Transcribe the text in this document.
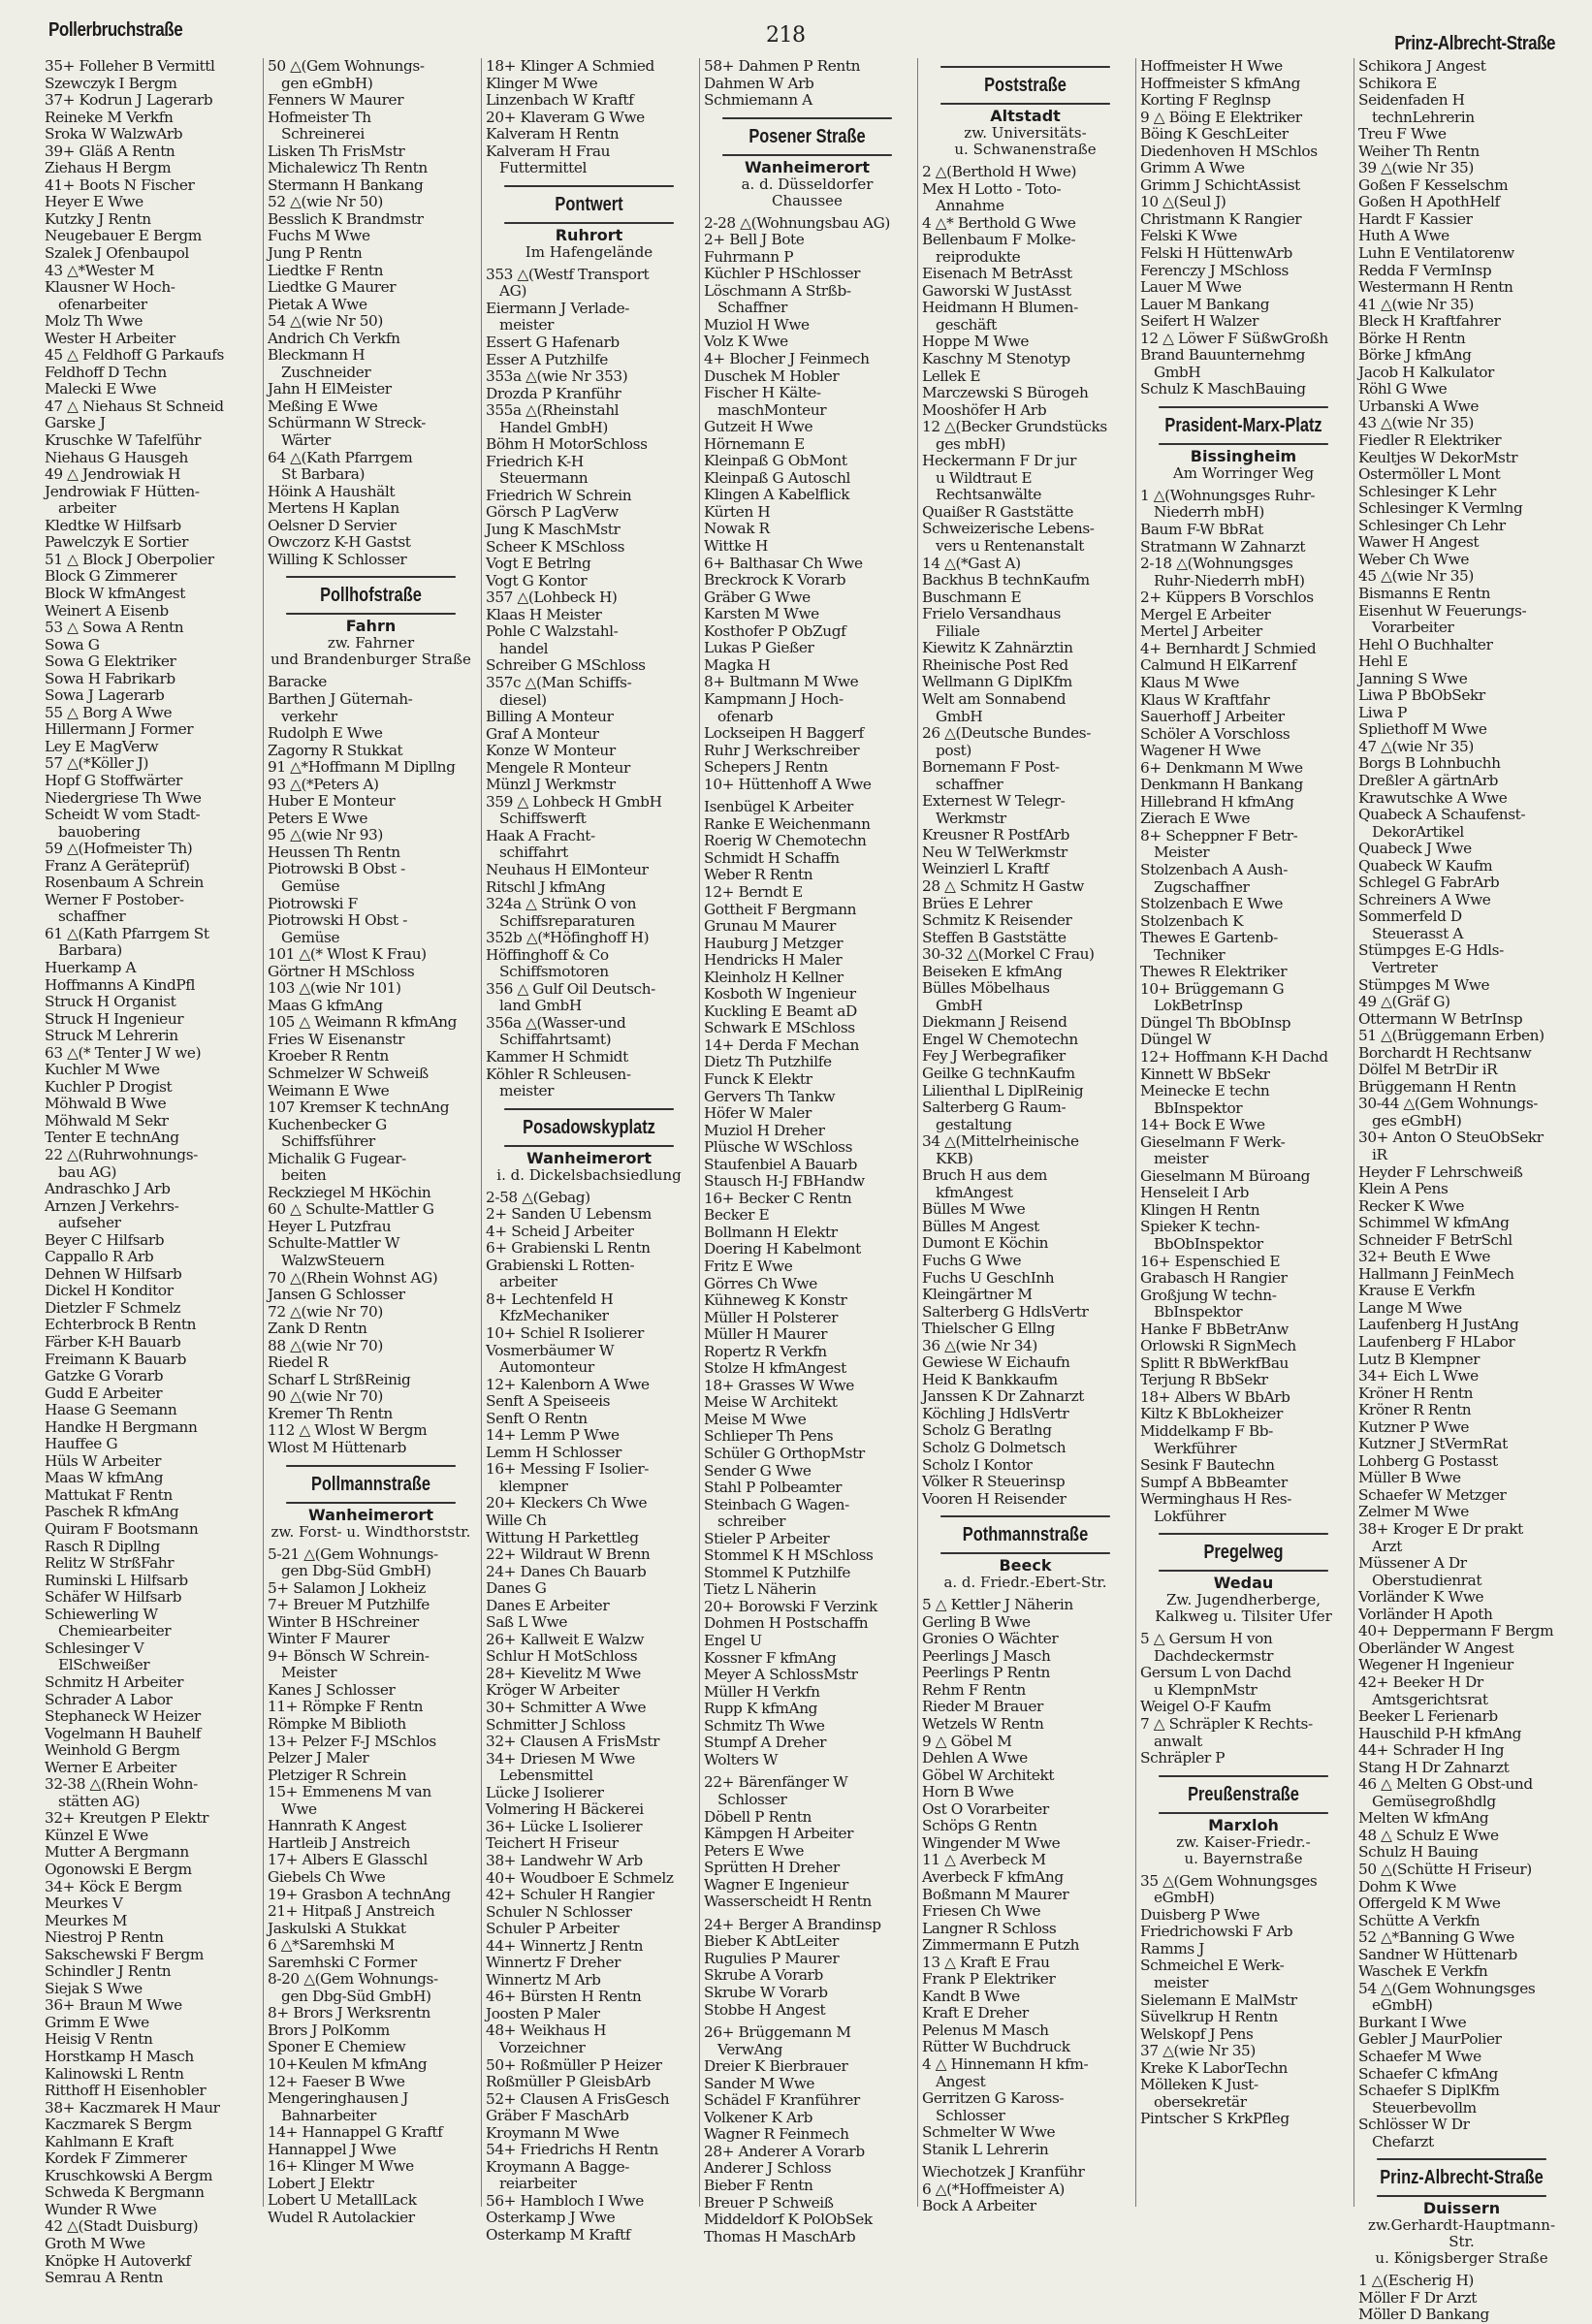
Pollerbruchstraße	218	Prinz-Albrecht-Straße
35+ Folleher B Vermittl
Szewczyk I Bergm
37+ Kodrun J Lagerarb
Reineke M Verkfn
Sroka W WalzwArb
39+ Gläß A Rentn
Ziehaus H Bergm
41+ Boots N Fischer
Heyer E Wwe
Kutzky J Rentn
Neugebauer E Bergm
Szalek J Ofenbaupol
43 △*Wester M
Klausner W Hoch-
ofenarbeiter
Molz Th Wwe
Wester H Arbeiter
45 △ Feldhoff G Parkaufs
Feldhoff D Techn
Malecki E Wwe
47 △ Niehaus St Schneid
Garske J
Kruschke W Tafelführ
Niehaus G Hausgeh
49 △ Jendrowiak H
Jendrowiak F Hütten-
arbeiter
Kledtke W Hilfsarb
Pawelczyk E Sortier
51 △ Block J Oberpolier
Block G Zimmerer
Block W kfmAngest
Weinert A Eisenb
53 △ Sowa A Rentn
Sowa G
Sowa G Elektriker
Sowa H Fabrikarb
Sowa J Lagerarb
55 △ Borg A Wwe
Hillermann J Former
Ley E MagVerw
57 △(*Köller J)
Hopf G Stoffwärter
Niedergriese Th Wwe
Scheidt W vom Stadt-
bauobering
59 △(Hofmeister Th)
Franz A Geräteprüf)
Rosenbaum A Schrein
Werner F Postober-
schaffner
61 △(Kath Pfarrgem St
Barbara)
Huerkamp A
Hoffmanns A KindPfl
Struck H Organist
Struck H Ingenieur
Struck M Lehrerin
63 △(* Tenter J W we)
Kuchler M Wwe
Kuchler P Drogist
Möhwald B Wwe
Möhwald M Sekr
Tenter E technAng
22 △(Ruhrwohnungs-
bau AG)
Andraschko J Arb
Arnzen J Verkehrs-
aufseher
Beyer C Hilfsarb
Cappallo R Arb
Dehnen W Hilfsarb
Dickel H Konditor
Dietzler F Schmelz
Echterbrock B Rentn
Färber K-H Bauarb
Freimann K Bauarb
Gatzke G Vorarb
Gudd E Arbeiter
Haase G Seemann
Handke H Bergmann
Hauffee G
Hüls W Arbeiter
Maas W kfmAng
Mattukat F Rentn
Paschek R kfmAng
Quiram F Bootsmann
Rasch R Dipllng
Relitz W StrßFahr
Ruminski L Hilfsarb
Schäfer W Hilfsarb
Schiewerling W
Chemiearbeiter
Schlesinger V
ElSchweißer
Schmitz H Arbeiter
Schrader A Labor
Stephaneck W Heizer
Vogelmann H Bauhelf
Weinhold G Bergm
Werner E Arbeiter
32-38 △(Rhein Wohn-
stätten AG)
32+ Kreutgen P Elektr
Künzel E Wwe
Mutter A Bergmann
Ogonowski E Bergm
34+ Köck E Bergm
Meurkes V
Meurkes M
Niestroj P Rentn
Sakschewski F Bergm
Schindler J Rentn
Siejak S Wwe
36+ Braun M Wwe
Grimm E Wwe
Heisig V Rentn
Horstkamp H Masch
Kalinowski L Rentn
Ritthoff H Eisenhobler
38+ Kaczmarek H Maur
Kaczmarek S Bergm
Kahlmann E Kraft
Kordek F Zimmerer
Kruschkowski A Bergm
Schweda K Bergmann
Wunder R Wwe
42 △(Stadt Duisburg)
Groth M Wwe
Knöpke H Autoverkf
Semrau A Rentn
50 △(Gem Wohnungs-
gen eGmbH)
Fenners W Maurer
Hofmeister Th
Schreinerei
Lisken Th FrisMstr
Michalewicz Th Rentn
Stermann H Bankang
52 △(wie Nr 50)
Besslich K Brandmstr
Fuchs M Wwe
Jung P Rentn
Liedtke F Rentn
Liedtke G Maurer
Pietak A Wwe
54 △(wie Nr 50)
Andrich Ch Verkfn
Bleckmann H
Zuschneider
Jahn H ElMeister
Meßing E Wwe
Schürmann W Streck-
Wärter
64 △(Kath Pfarrgem
St Barbara)
Höink A Haushält
Mertens H Kaplan
Oelsner D Servier
Owczorz K-H Gastst
Willing K Schlosser
Pollhofstraße
Fahrn
zw. Fahrner
und Brandenburger Straße
Baracke
Barthen J Güternah-
verkehr
Rudolph E Wwe
Zagorny R Stukkat
91 △*Hoffmann M Dipllng
93 △(*Peters A)
Huber E Monteur
Peters E Wwe
95 △(wie Nr 93)
Heussen Th Rentn
Piotrowski B Obst -
Gemüse
Piotrowski F
Piotrowski H Obst -
Gemüse
101 △(* Wlost K Frau)
Görtner H MSchloss
103 △(wie Nr 101)
Maas G kfmAng
105 △ Weimann R kfmAng
Fries W Eisenanstr
Kroeber R Rentn
Schmelzer W Schweiß
Weimann E Wwe
107 Kremser K technAng
Kuchenbecker G
Schiffsführer
Michalik G Fugear-
beiten
Reckziegel M HKöchin
60 △ Schulte-Mattler G
Heyer L Putzfrau
Schulte-Mattler W
WalzwSteuern
70 △(Rhein Wohnst AG)
Jansen G Schlosser
72 △(wie Nr 70)
Zank D Rentn
88 △(wie Nr 70)
Riedel R
Scharf L StrßReinig
90 △(wie Nr 70)
Kremer Th Rentn
112 △ Wlost W Bergm
Wlost M Hüttenarb
Pollmannstraße
Wanheimerort
zw. Forst- u. Windthorststr.
5-21 △(Gem Wohnungs-
gen Dbg-Süd GmbH)
5+ Salamon J Lokheiz
7+ Breuer M Putzhilfe
Winter B HSchreiner
Winter F Maurer
9+ Bönsch W Schrein-
Meister
Kanes J Schlosser
11+ Römpke F Rentn
Römpke M Biblioth
13+ Pelzer F-J MSchlos
Pelzer J Maler
Pletziger R Schrein
15+ Emmenens M van
Wwe
Hannrath K Angest
Hartleib J Anstreich
17+ Albers E Glasschl
Giebels Ch Wwe
19+ Grasbon A technAng
21+ Hitpaß J Anstreich
Jaskulski A Stukkat
6 △*Saremhski M
Saremhski C Former
8-20 △(Gem Wohnungs-
gen Dbg-Süd GmbH)
8+ Brors J Werksrentn
Brors J PolKomm
Sponer E Chemiew
10+Keulen M kfmAng
12+ Faeser B Wwe
Mengeringhausen J
Bahnarbeiter
14+ Hannappel G Kraftf
Hannappel J Wwe
16+ Klinger M Wwe
Lobert J Elektr
Lobert U MetallLack
Wudel R Autolackier
18+ Klinger A Schmied
Klinger M Wwe
Linzenbach W Kraftf
20+ Klaveram G Wwe
Kalveram H Rentn
Kalveram H Frau
Futtermittel
Pontwert
Ruhrort
Im Hafengelände
353 △(Westf Transport
AG)
Eiermann J Verlade-
meister
Essert G Hafenarb
Esser A Putzhilfe
353a △(wie Nr 353)
Drozda P Kranführ
355a △(Rheinstahl
Handel GmbH)
Böhm H MotorSchloss
Friedrich K-H
Steuermann
Friedrich W Schrein
Görsch P LagVerw
Jung K MaschMstr
Scheer K MSchloss
Vogt E Betrlng
Vogt G Kontor
357 △(Lohbeck H)
Klaas H Meister
Pohle C Walzstahl-
handel
Schreiber G MSchloss
357c △(Man Schiffs-
diesel)
Billing A Monteur
Graf A Monteur
Konze W Monteur
Mengele R Monteur
Münzl J Werkmstr
359 △ Lohbeck H GmbH
Schiffswerft
Haak A Fracht-
schiffahrt
Neuhaus H ElMonteur
Ritschl J kfmAng
324a △ Strünk O von
Schiffsreparaturen
352b △(*Höfinghoff H)
Höffinghoff & Co
Schiffsmotoren
356 △ Gulf Oil Deutsch-
land GmbH
356a △(Wasser-und
Schiffahrtsamt)
Kammer H Schmidt
Köhler R Schleusen-
meister
Posadowskyplatz
Wanheimerort
i. d. Dickelsbachsiedlung
2-58 △(Gebag)
2+ Sanden U Lebensm
4+ Scheid J Arbeiter
6+ Grabienski L Rentn
Grabienski L Rotten-
arbeiter
8+ Lechtenfeld H
KfzMechaniker
10+ Schiel R Isolierer
Vosmerbäumer W
Automonteur
12+ Kalenborn A Wwe
Senft A Speiseeis
Senft O Rentn
14+ Lemm P Wwe
Lemm H Schlosser
16+ Messing F Isolier-
klempner
20+ Kleckers Ch Wwe
Wille Ch
Wittung H Parkettleg
22+ Wildraut W Brenn
24+ Danes Ch Bauarb
Danes G
Danes E Arbeiter
Saß L Wwe
26+ Kallweit E Walzw
Schlur H MotSchloss
28+ Kievelitz M Wwe
Kröger W Arbeiter
30+ Schmitter A Wwe
Schmitter J Schloss
32+ Clausen A FrisMstr
34+ Driesen M Wwe
Lebensmittel
Lücke J Isolierer
Volmering H Bäckerei
36+ Lücke L Isolierer
Teichert H Friseur
38+ Landwehr W Arb
40+ Woudboer E Schmelz
42+ Schuler H Rangier
Schuler N Schlosser
Schuler P Arbeiter
44+ Winnertz J Rentn
Winnertz F Dreher
Winnertz M Arb
46+ Bürsten H Rentn
Joosten P Maler
48+ Weikhaus H
Vorzeichner
50+ Roßmüller P Heizer
Roßmüller P GleisbArb
52+ Clausen A FrisGesch
Gräber F MaschArb
Kroymann M Wwe
54+ Friedrichs H Rentn
Kroymann A Bagge-
reiarbeiter
56+ Hambloch I Wwe
Osterkamp J Wwe
Osterkamp M Kraftf
58+ Dahmen P Rentn
Dahmen W Arb
Schmiemann A
Posener Straße
Wanheimerort
a. d. Düsseldorfer Chaussee
2-28 △(Wohnungsbau AG)
2+ Bell J Bote
Fuhrmann P
Küchler P HSchlosser
Löschmann A Strßb-
Schaffner
Muziol H Wwe
Volz K Wwe
4+ Blocher J Feinmech
Duschek M Hobler
Fischer H Kälte-
maschMonteur
Gutzeit H Wwe
Hörnemann E
Kleinpaß G ObMont
Kleinpaß G Autoschl
Klingen A Kabelflick
Kürten H
Nowak R
Wittke H
6+ Balthasar Ch Wwe
Breckrock K Vorarb
Gräber G Wwe
Karsten M Wwe
Kosthofer P ObZugf
Lukas P Gießer
Magka H
8+ Bultmann M Wwe
Kampmann J Hoch-
ofenarb
Lockseipen H Baggerf
Ruhr J Werkschreiber
Schepers J Rentn
10+ Hüttenhoff A Wwe
Isenbügel K Arbeiter
Ranke E Weichenmann
Roerig W Chemotechn
Schmidt H Schaffn
Weber R Rentn
12+ Berndt E
Gottheit F Bergmann
Grunau M Maurer
Hauburg J Metzger
Hendricks H Maler
Kleinholz H Kellner
Kosboth W Ingenieur
Kuckling E Beamt aD
Schwark E MSchloss
14+ Derda F Mechan
Dietz Th Putzhilfe
Funck K Elektr
Gervers Th Tankw
Höfer W Maler
Muziol H Dreher
Plüsche W WSchloss
Staufenbiel A Bauarb
Stausch H-J FBHandw
16+ Becker C Rentn
Becker E
Bollmann H Elektr
Doering H Kabelmont
Fritz E Wwe
Görres Ch Wwe
Kühneweg K Konstr
Müller H Polsterer
Müller H Maurer
Ropertz R Verkfn
Stolze H kfmAngest
18+ Grasses W Wwe
Meise W Architekt
Meise M Wwe
Schlieper Th Pens
Schüler G OrthopMstr
Sender G Wwe
Stahl P Polbeamter
Steinbach G Wagen-
schreiber
Stieler P Arbeiter
Stommel K H MSchloss
Stommel K Putzhilfe
Tietz L Näherin
20+ Borowski F Verzink
Dohmen H Postschaffn
Engel U
Kossner F kfmAng
Meyer A SchlossMstr
Müller H Verkfn
Rupp K kfmAng
Schmitz Th Wwe
Stumpf A Dreher
Wolters W
22+ Bärenfänger W
Schlosser
Döbell P Rentn
Kämpgen H Arbeiter
Peters E Wwe
Sprütten H Dreher
Wagner E Ingenieur
Wasserscheidt H Rentn
24+ Berger A Brandinsp
Bieber K AbtLeiter
Rugulies P Maurer
Skrube A Vorarb
Skrube W Vorarb
Stobbe H Angest
26+ Brüggemann M
VerwAng
Dreier K Bierbrauer
Sander M Wwe
Schädel F Kranführer
Volkener K Arb
Wagner R Feinmech
28+ Anderer A Vorarb
Anderer J Schloss
Bieber F Rentn
Breuer P Schweiß
Middeldorf K PolObSek
Thomas H MaschArb
Poststraße
Altstadt
zw. Universitäts-
u. Schwanenstraße
2 △(Berthold H Wwe)
Mex H Lotto - Toto-
Annahme
4 △* Berthold G Wwe
Bellenbaum F Molke-
reiprodukte
Eisenach M BetrAsst
Gaworski W JustAsst
Heidmann H Blumen-
geschäft
Hoppe M Wwe
Kaschny M Stenotyp
Lellek E
Marczewski S Bürogeh
Mooshöfer H Arb
12 △(Becker Grundstücks
ges mbH)
Heckermann F Dr jur
u Wildtraut E
Rechtsanwälte
Quaißer R Gaststätte
Schweizerische Lebens-
vers u Rentenanstalt
14 △(*Gast A)
Backhus B technKaufm
Buschmann E
Frielo Versandhaus
Filiale
Kiewitz K Zahnärztin
Rheinische Post Red
Wellmann G DiplKfm
Welt am Sonnabend
GmbH
26 △(Deutsche Bundes-
post)
Bornemann F Post-
schaffner
Externest W Telegr-
Werkmstr
Kreusner R PostfArb
Neu W TelWerkmstr
Weinzierl L Kraftf
28 △ Schmitz H Gastw
Brües E Lehrer
Schmitz K Reisender
Steffen B Gaststätte
30-32 △(Morkel C Frau)
Beiseken E kfmAng
Bülles Möbelhaus
GmbH
Diekmann J Reisend
Engel W Chemotechn
Fey J Werbegrafiker
Geilke G technKaufm
Lilienthal L DiplReinig
Salterberg G Raum-
gestaltung
34 △(Mittelrheinische
KKB)
Bruch H aus dem
kfmAngest
Bülles M Wwe
Bülles M Angest
Dumont E Köchin
Fuchs G Wwe
Fuchs U GeschInh
Kleingärtner M
Salterberg G HdlsVertr
Thielscher G Ellng
36 △(wie Nr 34)
Gewiese W Eichaufn
Heid K Bankkaufm
Janssen K Dr Zahnarzt
Köchling J HdlsVertr
Scholz G Beratlng
Scholz G Dolmetsch
Scholz I Kontor
Völker R Steuerinsp
Vooren H Reisender
Pothmannstraße
Beeck
a. d. Friedr.-Ebert-Str.
5 △ Kettler J Näherin
Gerling B Wwe
Gronies O Wächter
Peerlings J Masch
Peerlings P Rentn
Rehm F Rentn
Rieder M Brauer
Wetzels W Rentn
9 △ Göbel M
Dehlen A Wwe
Göbel W Architekt
Horn B Wwe
Ost O Vorarbeiter
Schöps G Rentn
Wingender M Wwe
11 △ Averbeck M
Averbeck F kfmAng
Boßmann M Maurer
Friesen Ch Wwe
Langner R Schloss
Zimmermann E Putzh
13 △ Kraft E Frau
Frank P Elektriker
Kandt B Wwe
Kraft E Dreher
Pelenus M Masch
Rütter W Buchdruck
4 △ Hinnemann H kfm-
Angest
Gerritzen G Kaross-
Schlosser
Schmelter W Wwe
Stanik L Lehrerin
Wiechotzek J Kranführ
6 △(*Hoffmeister A)
Bock A Arbeiter
Hoffmeister H Wwe
Hoffmeister S kfmAng
Korting F Reglnsp
9 △ Böing E Elektriker
Böing K GeschLeiter
Diedenhoven H MSchlos
Grimm A Wwe
Grimm J SchichtAssist
10 △(Seul J)
Christmann K Rangier
Felski K Wwe
Felski H HüttenwArb
Ferenczy J MSchloss
Lauer M Wwe
Lauer M Bankang
Seifert H Walzer
12 △ Löwer F SüßwGroßh
Brand Bauunternehmg
GmbH
Schulz K MaschBauing
Prasident-Marx-Platz
Bissingheim
Am Worringer Weg
1 △(Wohnungsges Ruhr-
Niederrh mbH)
Baum F-W BbRat
Stratmann W Zahnarzt
2-18 △(Wohnungsges
Ruhr-Niederrh mbH)
2+ Küppers B Vorschlos
Mergel E Arbeiter
Mertel J Arbeiter
4+ Bernhardt J Schmied
Calmund H ElKarrenf
Klaus M Wwe
Klaus W Kraftfahr
Sauerhoff J Arbeiter
Schöler A Vorschloss
Wagener H Wwe
6+ Denkmann M Wwe
Denkmann H Bankang
Hillebrand H kfmAng
Zierach E Wwe
8+ Scheppner F Betr-
Meister
Stolzenbach A Aush-
Zugschaffner
Stolzenbach E Wwe
Stolzenbach K
Thewes E Gartenb-
Techniker
Thewes R Elektriker
10+ Brüggemann G
LokBetrInsp
Düngel Th BbObInsp
Düngel W
12+ Hoffmann K-H Dachd
Kinnett W BbSekr
Meinecke E techn
BbInspektor
14+ Bock E Wwe
Gieselmann F Werk-
meister
Gieselmann M Büroang
Henseleit I Arb
Klingen H Rentn
Spieker K techn-
BbObInspektor
16+ Espenschied E
Grabasch H Rangier
Großjung W techn-
BbInspektor
Hanke F BbBetrAnw
Orlowski R SignMech
Splitt R BbWerkfBau
Terjung R BbSekr
18+ Albers W BbArb
Kiltz K BbLokheizer
Middelkamp F Bb-
Werkführer
Sesink F Bautechn
Sumpf A BbBeamter
Werminghaus H Res-
Lokführer
Pregelweg
Wedau
Zw. Jugendherberge,
Kalkweg u. Tilsiter Ufer
5 △ Gersum H von
Dachdeckermstr
Gersum L von Dachd
u KlempnMstr
Weigel O-F Kaufm
7 △ Schräpler K Rechts-
anwalt
Schräpler P
Preußenstraße
Marxloh
zw. Kaiser-Friedr.-
u. Bayernstraße
35 △(Gem Wohnungsges
eGmbH)
Duisberg P Wwe
Friedrichowski F Arb
Ramms J
Schmeichel E Werk-
meister
Sielemann E MalMstr
Süvelkrup H Rentn
Welskopf J Pens
37 △(wie Nr 35)
Kreke K LaborTechn
Mölleken K Just-
obersekretär
Pintscher S KrkPfleg
Schikora J Angest
Schikora E
Seidenfaden H
technLehrerin
Treu F Wwe
Weiher Th Rentn
39 △(wie Nr 35)
Goßen F Kesselschm
Goßen H ApothHelf
Hardt F Kassier
Huth A Wwe
Luhn E Ventilatorenw
Redda F VermInsp
Westermann H Rentn
41 △(wie Nr 35)
Bleck H Kraftfahrer
Börke H Rentn
Börke J kfmAng
Jacob H Kalkulator
Röhl G Wwe
Urbanski A Wwe
43 △(wie Nr 35)
Fiedler R Elektriker
Keultjes W DekorMstr
Ostermöller L Mont
Schlesinger K Lehr
Schlesinger K Vermlng
Schlesinger Ch Lehr
Wawer H Angest
Weber Ch Wwe
45 △(wie Nr 35)
Bismanns E Rentn
Eisenhut W Feuerungs-
Vorarbeiter
Hehl O Buchhalter
Hehl E
Janning S Wwe
Liwa P BbObSekr
Liwa P
Spliethoff M Wwe
47 △(wie Nr 35)
Borgs B Lohnbuchh
Dreßler A gärtnArb
Krawutschke A Wwe
Quabeck A Schaufenst-
DekorArtikel
Quabeck J Wwe
Quabeck W Kaufm
Schlegel G FabrArb
Schreiners A Wwe
Sommerfeld D
Steuerasst A
Stümpges E-G Hdls-
Vertreter
Stümpges M Wwe
49 △(Gräf G)
Ottermann W BetrInsp
51 △(Brüggemann Erben)
Borchardt H Rechtsanw
Dölfel M BetrDir iR
Brüggemann H Rentn
30-44 △(Gem Wohnungs-
ges eGmbH)
30+ Anton O SteuObSekr
iR
Heyder F Lehrschweiß
Klein A Pens
Recker K Wwe
Schimmel W kfmAng
Schneider F BetrSchl
32+ Beuth E Wwe
Hallmann J FeinMech
Krause E Verkfn
Lange M Wwe
Laufenberg H JustAng
Laufenberg F HLabor
Lutz B Klempner
34+ Eich L Wwe
Kröner H Rentn
Kröner R Rentn
Kutzner P Wwe
Kutzner J StVermRat
Lohberg G Postasst
Müller B Wwe
Schaefer W Metzger
Zelmer M Wwe
38+ Kroger E Dr prakt
Arzt
Müssener A Dr
Oberstudienrat
Vorländer K Wwe
Vorländer H Apoth
40+ Deppermann F Bergm
Oberländer W Angest
Wegener H Ingenieur
42+ Beeker H Dr
Amtsgerichtsrat
Beeker L Ferienarb
Hauschild P-H kfmAng
44+ Schrader H Ing
Stang H Dr Zahnarzt
46 △ Melten G Obst-und
Gemüsegroßhdlg
Melten W kfmAng
48 △ Schulz E Wwe
Schulz H Bauing
50 △(Schütte H Friseur)
Dohm K Wwe
Offergeld K M Wwe
Schütte A Verkfn
52 △*Banning G Wwe
Sandner W Hüttenarb
Waschek E Verkfn
54 △(Gem Wohnungsges
eGmbH)
Burkant I Wwe
Gebler J MaurPolier
Schaefer M Wwe
Schaefer C kfmAng
Schaefer S DiplKfm
Steuerbevollm
Schlösser W Dr
Chefarzt
Prinz-Albrecht-Straße
Duissern
zw.Gerhardt-Hauptmann-Str.
u. Königsberger Straße
1 △(Escherig H)
Möller F Dr Arzt
Möller D Bankang
